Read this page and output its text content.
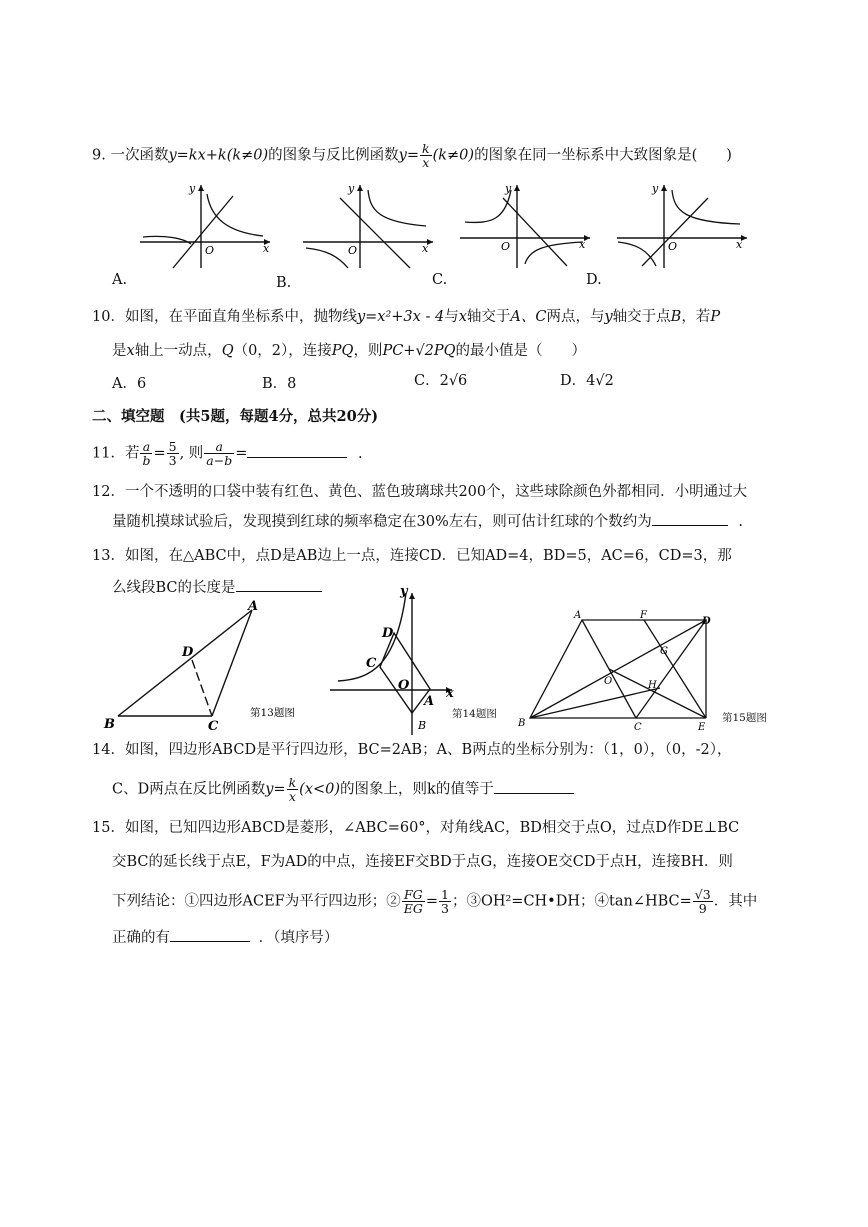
9. 一次函数y=kx+k(k≠0)的图象与反比例函数$y= \frac{k}{x} (k\ne 0)$的图象在同一坐标系中大致图象是(　　)
y
x
O
A.
y
x
O
B.
y
x
O
C.
y
x
O
D.
10．如图，在平面直角坐标系中，抛物线y=x²+3x - 4与x轴交于A、C两点，与y轴交于点B，若P
是x轴上一动点，Q（0，2），连接PQ，则PC+√2PQ的最小值是（　　）
A．6	B．8	C．2√6	D．4√2
二、填空题　(共5题，每题4分，总共20分)
11．若 $\frac{a}{b} = \frac{5}{3}$ , 则 $\frac{a}{a-b}$ =	.
12．一个不透明的口袋中装有红色、黄色、蓝色玻璃球共200个，这些球除颜色外都相同．小明通过大
量随机摸球试验后，发现摸到红球的频率稳定在30%左右，则可估计红球的个数约为	.
13．如图，在△ABC中，点D是AB边上一点，连接CD．已知AD=4，BD=5，AC=6，CD=3，那
么线段BC的长度是
A
D
B	C
第13题图
y
x
D
C
O
A
B
第14题图
A	F
D
G
O	H
B	C	E
第15题图
14．如图，四边形ABCD是平行四边形，BC=2AB；A、B两点的坐标分别为：（1，0），（0，-2），
C、D两点在反比例函数$y= \frac{k}{x} (x<0)$的图象上，则k的值等于
15．如图，已知四边形ABCD是菱形，∠ABC=60°，对角线AC，BD相交于点O，过点D作DE⊥BC
交BC的延长线于点E，F为AD的中点，连接EF交BD于点G，连接OE交CD于点H，连接BH．则
下列结论：①四边形ACEF为平行四边形；② $\frac{FG}{EG} = \frac{1}{3}$ ；③OH²=CH•DH；④tan∠HBC= $\frac{√3}{9}$ ．其中
正确的有	．（填序号）
